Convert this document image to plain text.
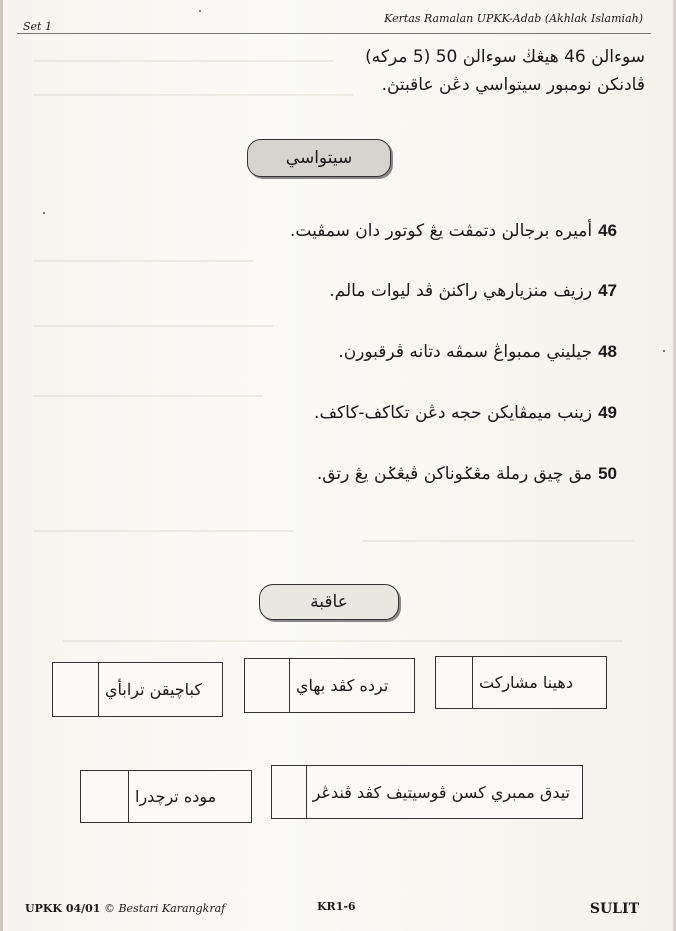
Set 1
Kertas Ramalan UPKK-Adab (Akhlak Islamiah)
سوءالن 46 هيڠڬ سوءالن 50 (5 مركه)
ڤادنكن نومبور سيتواسي دڠن عاقبتڽ.
سيتواسي
46أميره برجالن دتمڤت يڠ كوتور دان سمڤيت.
47رزيف منزيارهي راكنڽ ڤد ليوات مالم.
48جيليني ممبواڠ سمڤه دتانه ڤرقبورن.
49زينب ميمڤايكن حجه دڠن تكاكف-كاكف.
50مق چيق رملة مڠݢوناكن ڤيڠݢن يڠ رتق.
عاقبة
كباچيقن ترابأي	ترده كڤد بهاي	دهينا مشاركت
موده ترچدرا	تيدق ممبري كسن ڤوسيتيف كڤد ڤندڠر
UPKK 04/01 © Bestari Karangkraf	KR1-6	SULIT
